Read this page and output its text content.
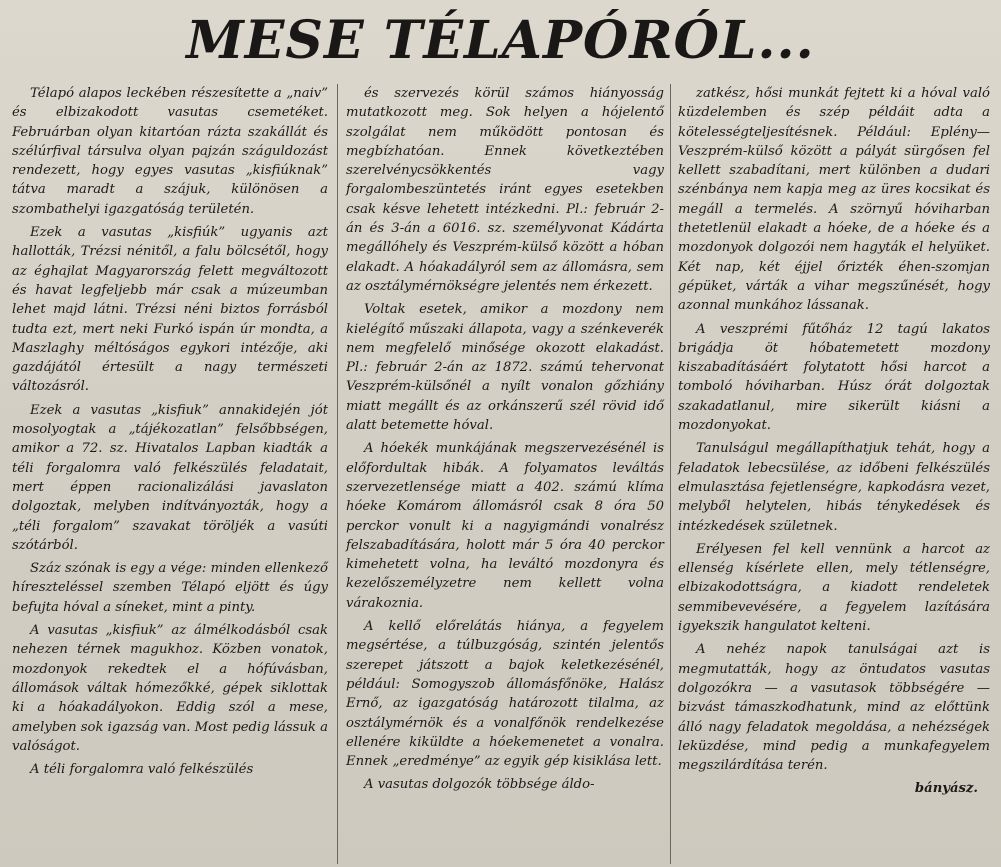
MESE TÉLAPÓRÓL...

Télapó alapos leckében részesítette a „naiv” és elbizakodott vasutas csemetéket. Februárban olyan kitartóan rázta szakállát és szélúrfival társulva olyan pajzán száguldozást rendezett, hogy egyes vasutas „kisfiúknak” tátva maradt a szájuk, különösen a szombathelyi igazgatóság területén.

Ezek a vasutas „kisfiúk” ugyanis azt hallották, Trézsi nénitől, a falu bölcsétől, hogy az éghajlat Magyarország felett megváltozott és havat legfeljebb már csak a múzeumban lehet majd látni. Trézsi néni biztos forrásból tudta ezt, mert neki Furkó ispán úr mondta, a Maszlaghy méltóságos egykori intézője, aki gazdájától értesült a nagy természeti változásról.

Ezek a vasutas „kisfiuk” annakidején jót mosolyogtak a „tájékozatlan” felsőbbségen, amikor a 72. sz. Hivatalos Lapban kiadták a téli forgalomra való felkészülés feladatait, mert éppen racionalizálási javaslaton dolgoztak, melyben indítványozták, hogy a „téli forgalom” szavakat töröljék a vasúti szótárból.

Száz szónak is egy a vége: minden ellenkező híreszteléssel szemben Télapó eljött és úgy befujta hóval a síneket, mint a pinty.

A vasutas „kisfiuk” az álmélkodásból csak nehezen térnek magukhoz. Közben vonatok, mozdonyok rekedtek el a hófúvásban, állomások váltak hómezőkké, gépek siklottak ki a hóakadályokon. Eddig szól a mese, amelyben sok igazság van. Most pedig lássuk a valóságot.

A téli forgalomra való felkészülés

és szervezés körül számos hiányosság mutatkozott meg. Sok helyen a hójelentő szolgálat nem működött pontosan és megbízhatóan. Ennek következtében szerelvénycsökkentés vagy forgalombeszüntetés iránt egyes esetekben csak késve lehetett intézkedni. Pl.: február 2-án és 3-án a 6016. sz. személyvonat Kádárta megállóhely és Veszprém-külső között a hóban elakadt. A hóakadályról sem az állomásra, sem az osztálymérnökségre jelentés nem érkezett.

Voltak esetek, amikor a mozdony nem kielégítő műszaki állapota, vagy a szénkeverék nem megfelelő minősége okozott elakadást. Pl.: február 2-án az 1872. számú tehervonat Veszprém-külsőnél a nyílt vonalon gőzhiány miatt megállt és az orkánszerű szél rövid idő alatt betemette hóval.

A hóekék munkájának megszervezésénél is előfordultak hibák. A folyamatos leváltás szervezetlensége miatt a 402. számú klíma hóeke Komárom állomásról csak 8 óra 50 perckor vonult ki a nagyigmándi vonalrész felszabadítására, holott már 5 óra 40 perckor kimehetett volna, ha leváltó mozdonyra és kezelőszemélyzetre nem kellett volna várakoznia.

A kellő előrelátás hiánya, a fegyelem megsértése, a túlbuzgóság, szintén jelentős szerepet játszott a bajok keletkezésénél, például: Somogyszob állomásfőnöke, Halász Ernő, az igazgatóság határozott tilalma, az osztálymérnök és a vonalfőnök rendelkezése ellenére kiküldte a hóekemenetet a vonalra. Ennek „eredménye” az egyik gép kisiklása lett.

A vasutas dolgozók többsége áldo-

zatkész, hősi munkát fejtett ki a hóval való küzdelemben és szép példáit adta a kötelességteljesítésnek. Például: Eplény—Veszprém-külső között a pályát sürgősen fel kellett szabadítani, mert különben a dudari szénbánya nem kapja meg az üres kocsikat és megáll a termelés. A szörnyű hóviharban thetetlenül elakadt a hóeke, de a hóeke és a mozdonyok dolgozói nem hagyták el helyüket. Két nap, két éjjel őrizték éhen-szomjan gépüket, várták a vihar megszűnését, hogy azonnal munkához lássanak.

A veszprémi fűtőház 12 tagú lakatos brigádja öt hóbatemetett mozdony kiszabadításáért folytatott hősi harcot a tomboló hóviharban. Húsz órát dolgoztak szakadatlanul, mire sikerült kiásni a mozdonyokat.

Tanulságul megállapíthatjuk tehát, hogy a feladatok lebecsülése, az időbeni felkészülés elmulasztása fejetlenségre, kapkodásra vezet, melyből helytelen, hibás ténykedések és intézkedések születnek.

Erélyesen fel kell vennünk a harcot az ellenség kísérlete ellen, mely tétlenségre, elbizakodottságra, a kiadott rendeletek semmibevevésére, a fegyelem lazítására igyekszik hangulatot kelteni.

A nehéz napok tanulságai azt is megmutatták, hogy az öntudatos vasutas dolgozókra — a vasutasok többségére — bizvást támaszkodhatunk, mind az előttünk álló nagy feladatok megoldása, a nehézségek leküzdése, mind pedig a munkafegyelem megszilárdítása terén.

bányász.
